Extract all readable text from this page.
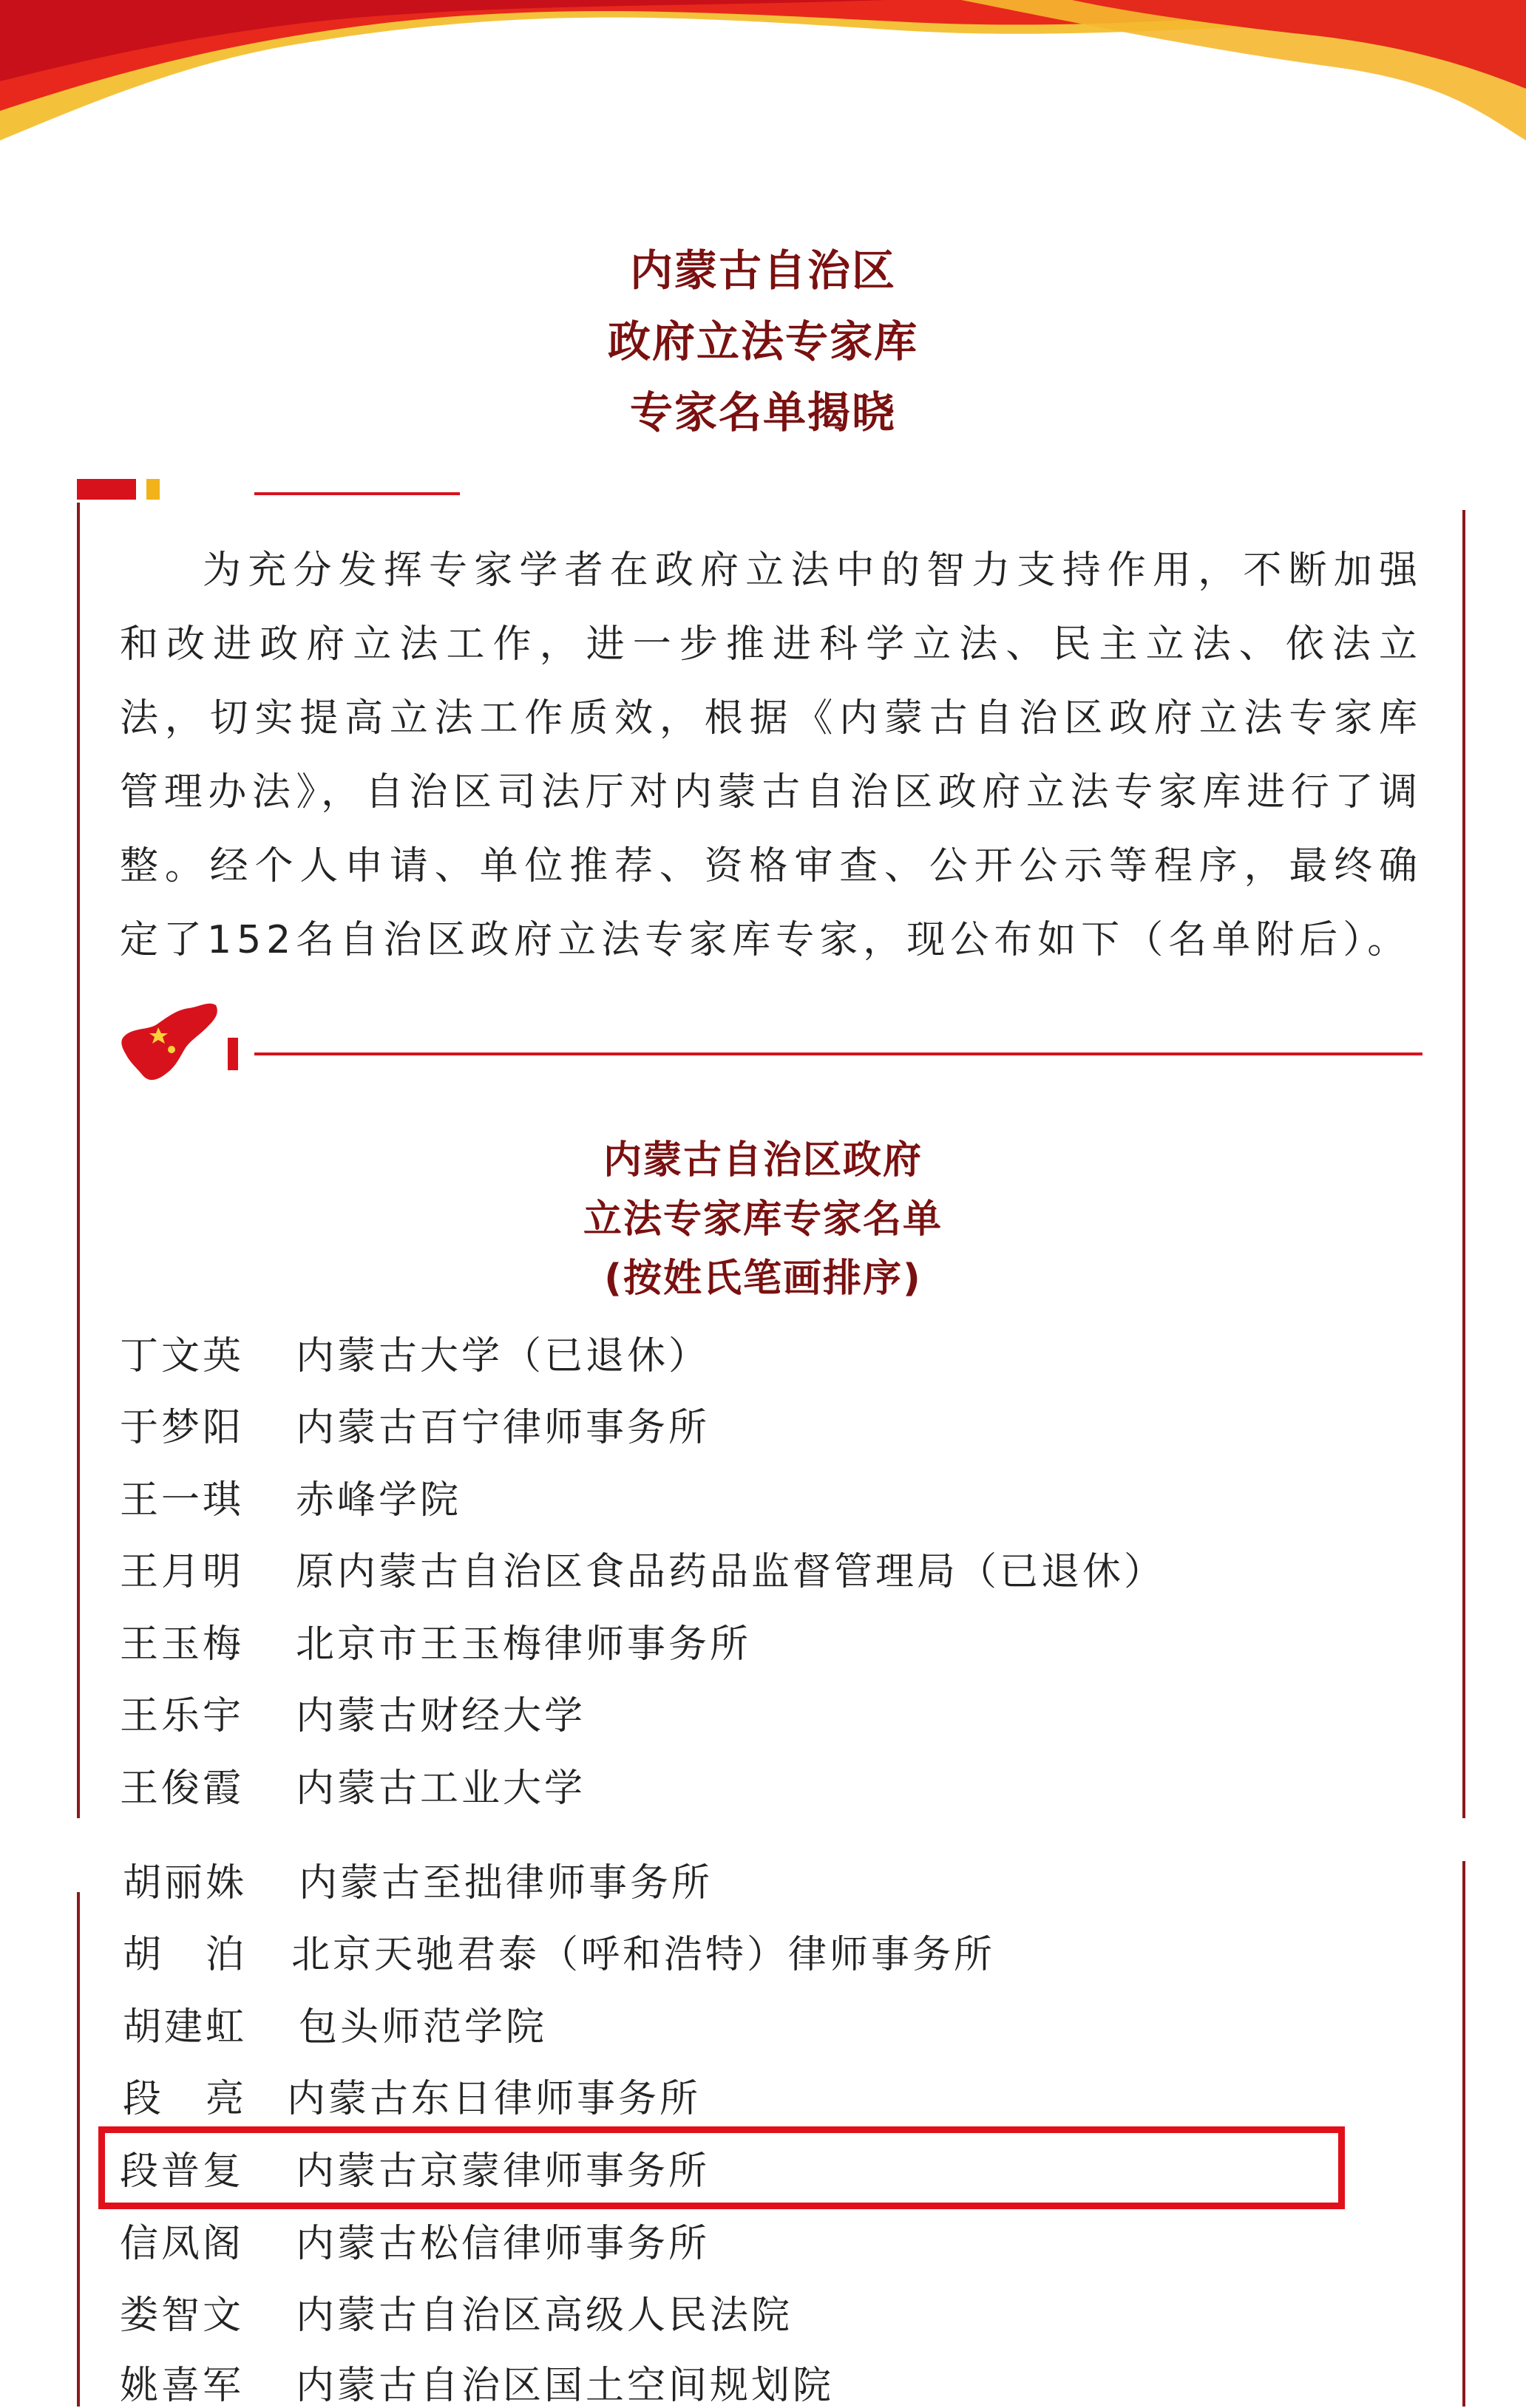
内蒙古自治区
政府立法专家库
专家名单揭晓
为充分发挥专家学者在政府立法中的智力支持作用，不断加强和改进政府立法工作，进一步推进科学立法、民主立法、依法立法，切实提高立法工作质效，根据《内蒙古自治区政府立法专家库管理办法》，自治区司法厅对内蒙古自治区政府立法专家库进行了调整。经个人申请、单位推荐、资格审查、公开公示等程序，最终确定了152名自治区政府立法专家库专家，现公布如下（名单附后）。
内蒙古自治区政府
立法专家库专家名单
(按姓氏笔画排序)
丁文英 内蒙古大学（已退休）
于梦阳 内蒙古百宁律师事务所
王一琪 赤峰学院
王月明 原内蒙古自治区食品药品监督管理局（已退休）
王玉梅 北京市王玉梅律师事务所
王乐宇 内蒙古财经大学
王俊霞 内蒙古工业大学
胡丽姝 内蒙古至拙律师事务所
胡　泊 北京天驰君泰（呼和浩特）律师事务所
胡建虹 包头师范学院
段　亮 内蒙古东日律师事务所
段普复 内蒙古京蒙律师事务所
信凤阁 内蒙古松信律师事务所
娄智文 内蒙古自治区高级人民法院
姚喜军 内蒙古自治区国土空间规划院
